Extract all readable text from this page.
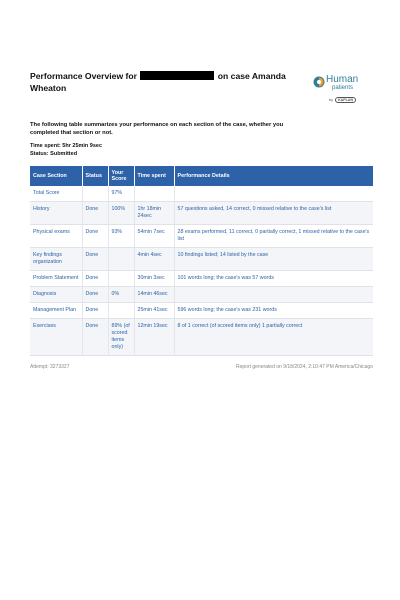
Performance Overview for	on case Amanda Wheaton
Human
patients
by KAPLAN
The following table summarizes your performance on each section of the case, whether you completed that section or not.
Time spent: 5hr 25min 9sec
Status: Submitted
Case Section	Status	Your Score	Time spent	Performance Details
Total Score		97%		
History	Done	100%	1hr 18min 24sec	57 questions asked, 14 correct, 0 missed relative to the case's list
Physical exams	Done	93%	54min 7sec	28 exams performed, 11 correct, 0 partially correct, 1 missed relative to the case's list
Key findings organization	Done		4min 4sec	10 findings listed; 14 listed by the case
Problem Statement	Done		30min 3sec	101 words long; the case's was 57 words
Diagnosis	Done	0%	14min 46sec	
Management Plan	Done		25min 41sec	596 words long; the case's was 231 words
Exercises	Done	89% (of scored items only)	12min 19sec	8 of 1 correct (of scored items only) 1 partially correct
Attempt: 3273327	Report generated on 9/18/2024, 2:10:47 PM America/Chicago
